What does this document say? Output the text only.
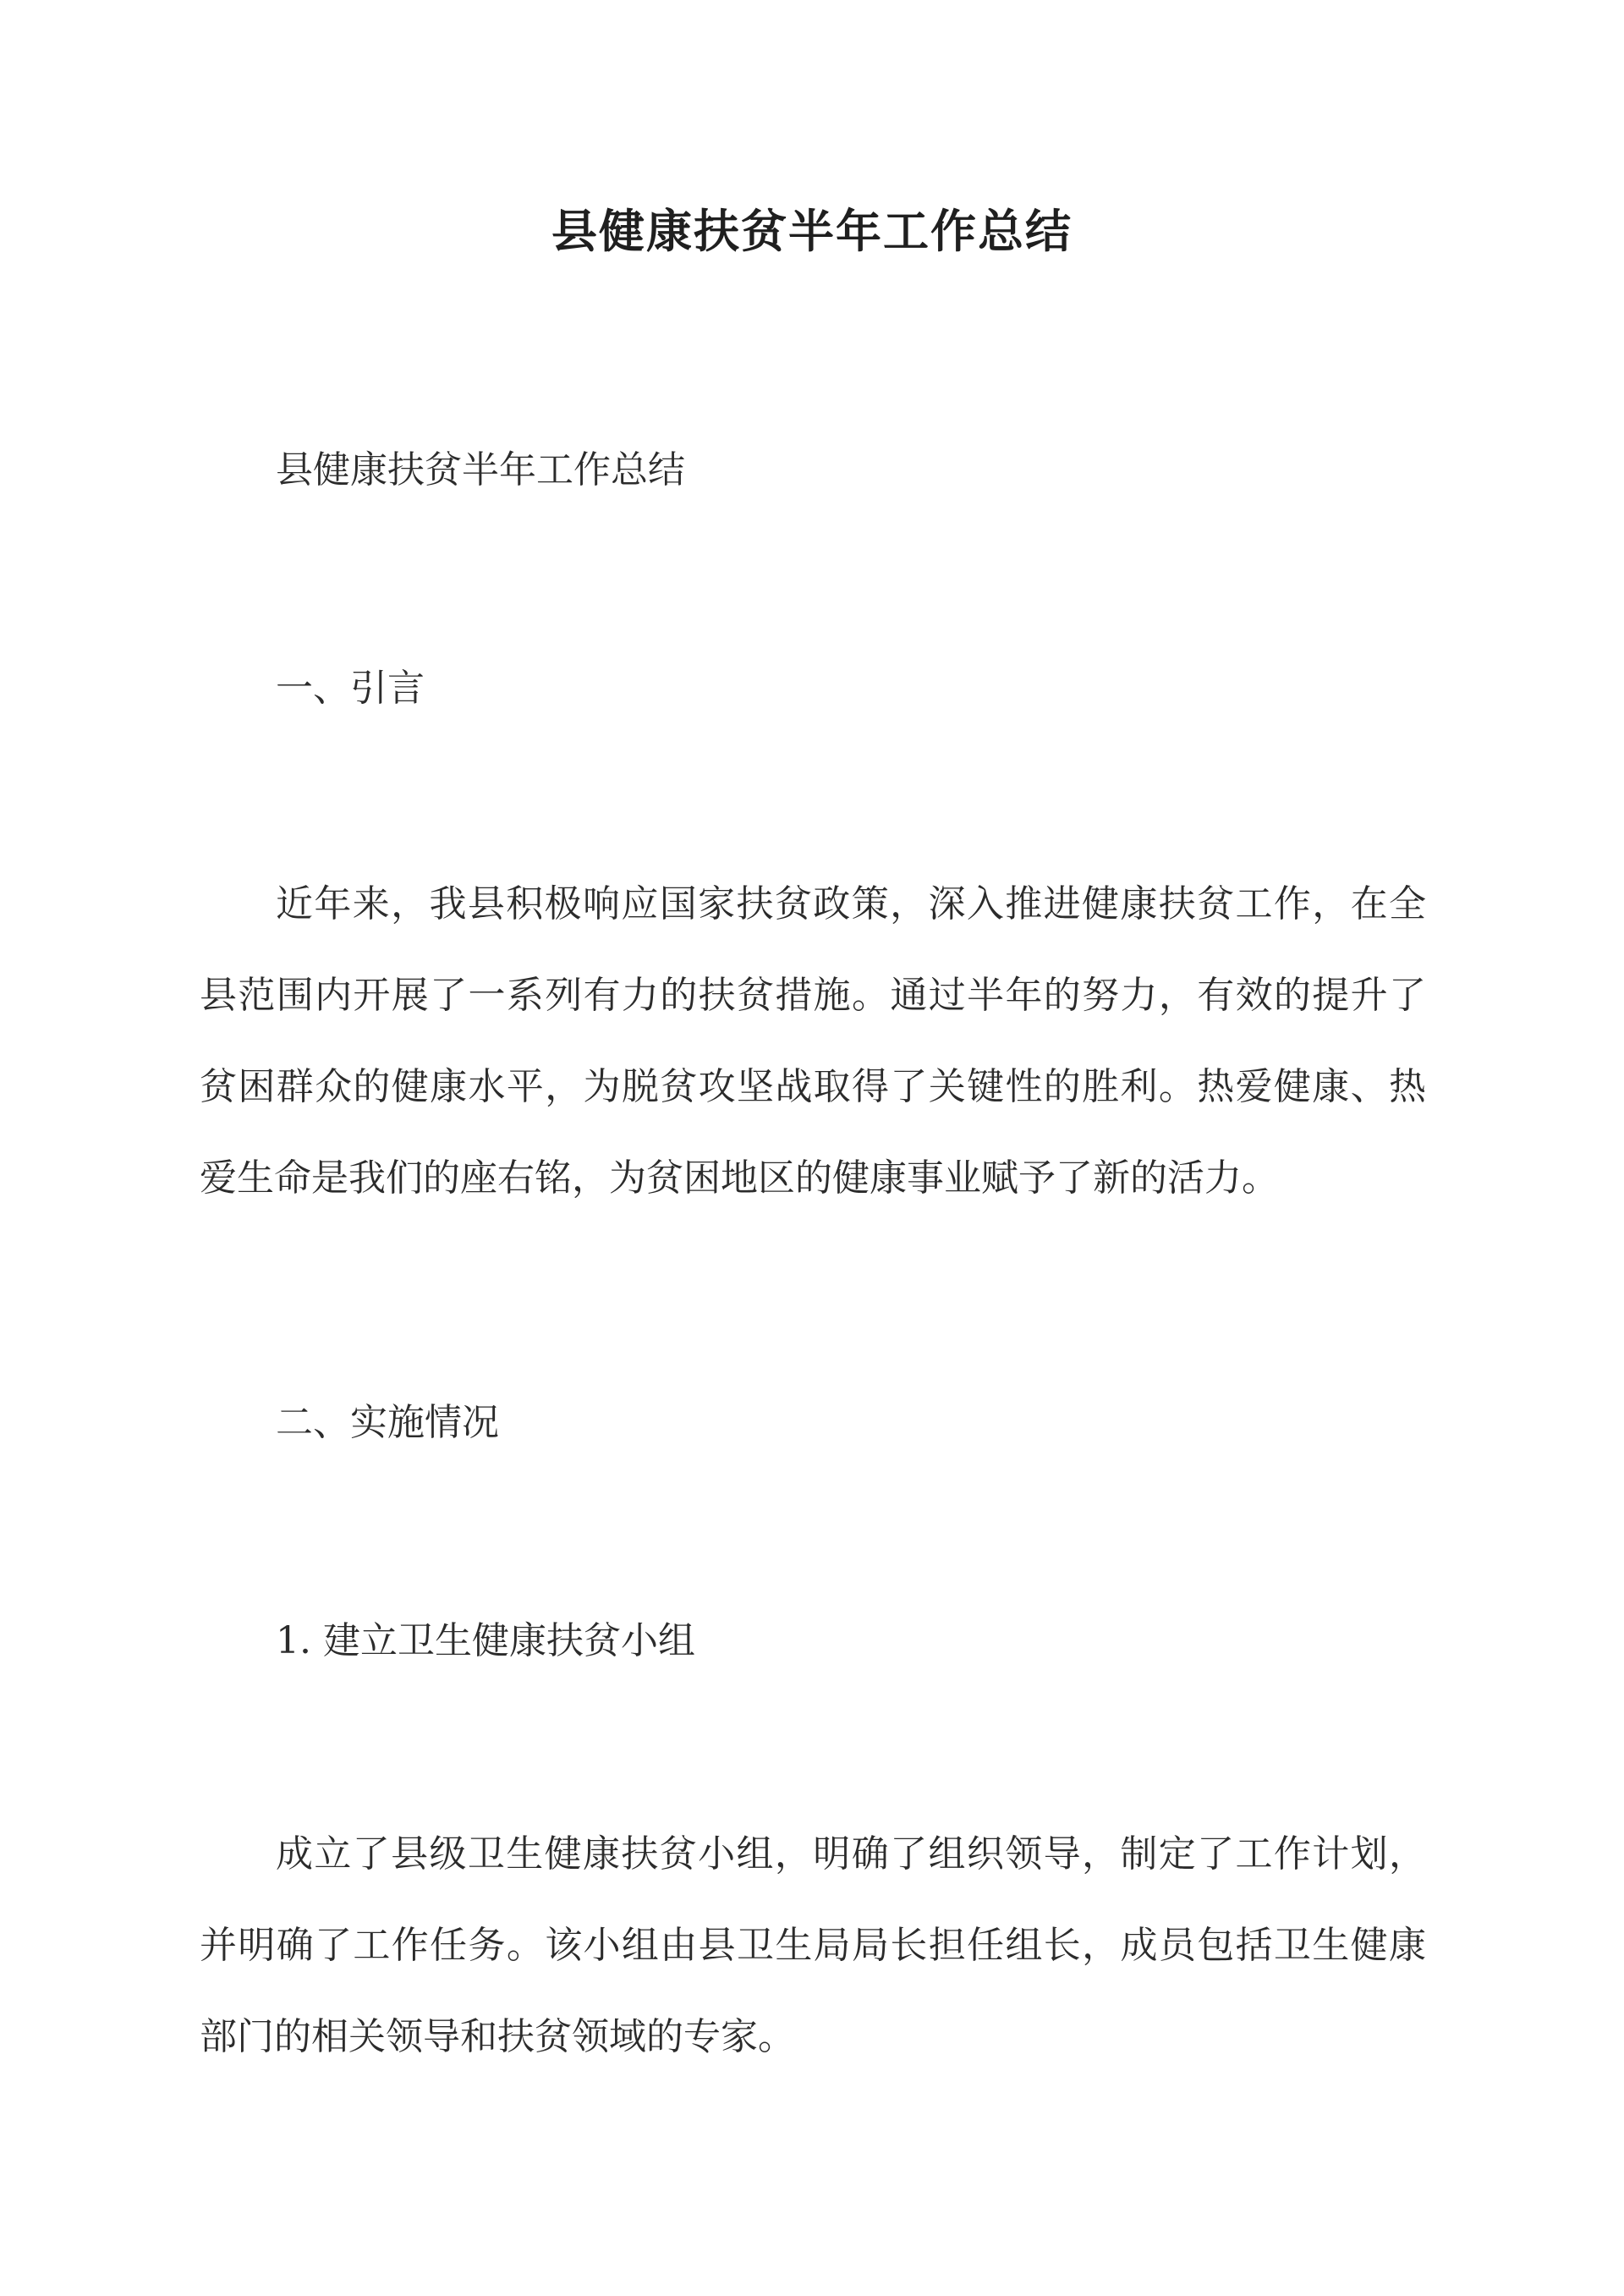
县健康扶贫半年工作总结

县健康扶贫半年工作总结

一、引言

近年来，我县积极响应国家扶贫政策，深入推进健康扶贫工作，在全县范围内开展了一系列有力的扶贫措施。通过半年的努力，有效的提升了贫困群众的健康水平，为脱贫攻坚战取得了关键性的胜利。热爱健康、热爱生命是我们的座右铭，为贫困地区的健康事业赋予了新的活力。

二、实施情况

1. 建立卫生健康扶贫小组

成立了县级卫生健康扶贫小组，明确了组织领导，制定了工作计划，并明确了工作任务。该小组由县卫生局局长担任组长，成员包括卫生健康部门的相关领导和扶贫领域的专家。
